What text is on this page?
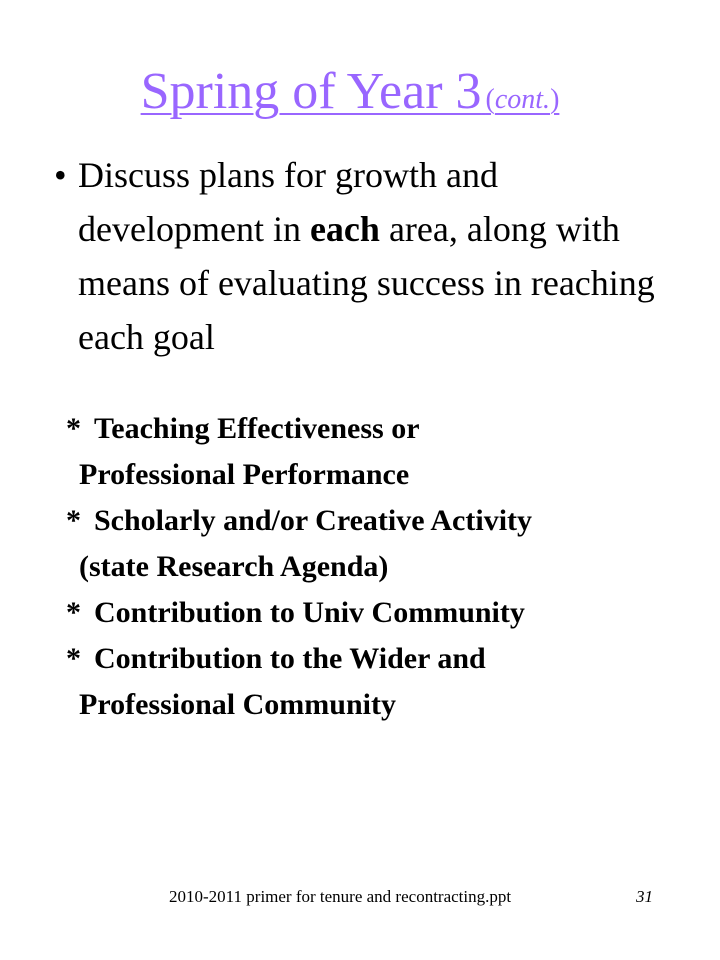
Spring of Year 3 (cont.)
• Discuss plans for growth and development in each area, along with means of evaluating success in reaching each goal
* Teaching Effectiveness or
Professional Performance
* Scholarly and/or Creative Activity
(state Research Agenda)
* Contribution to Univ Community
* Contribution to the Wider and
Professional Community
2010-2011 primer for tenure and recontracting.ppt	31
